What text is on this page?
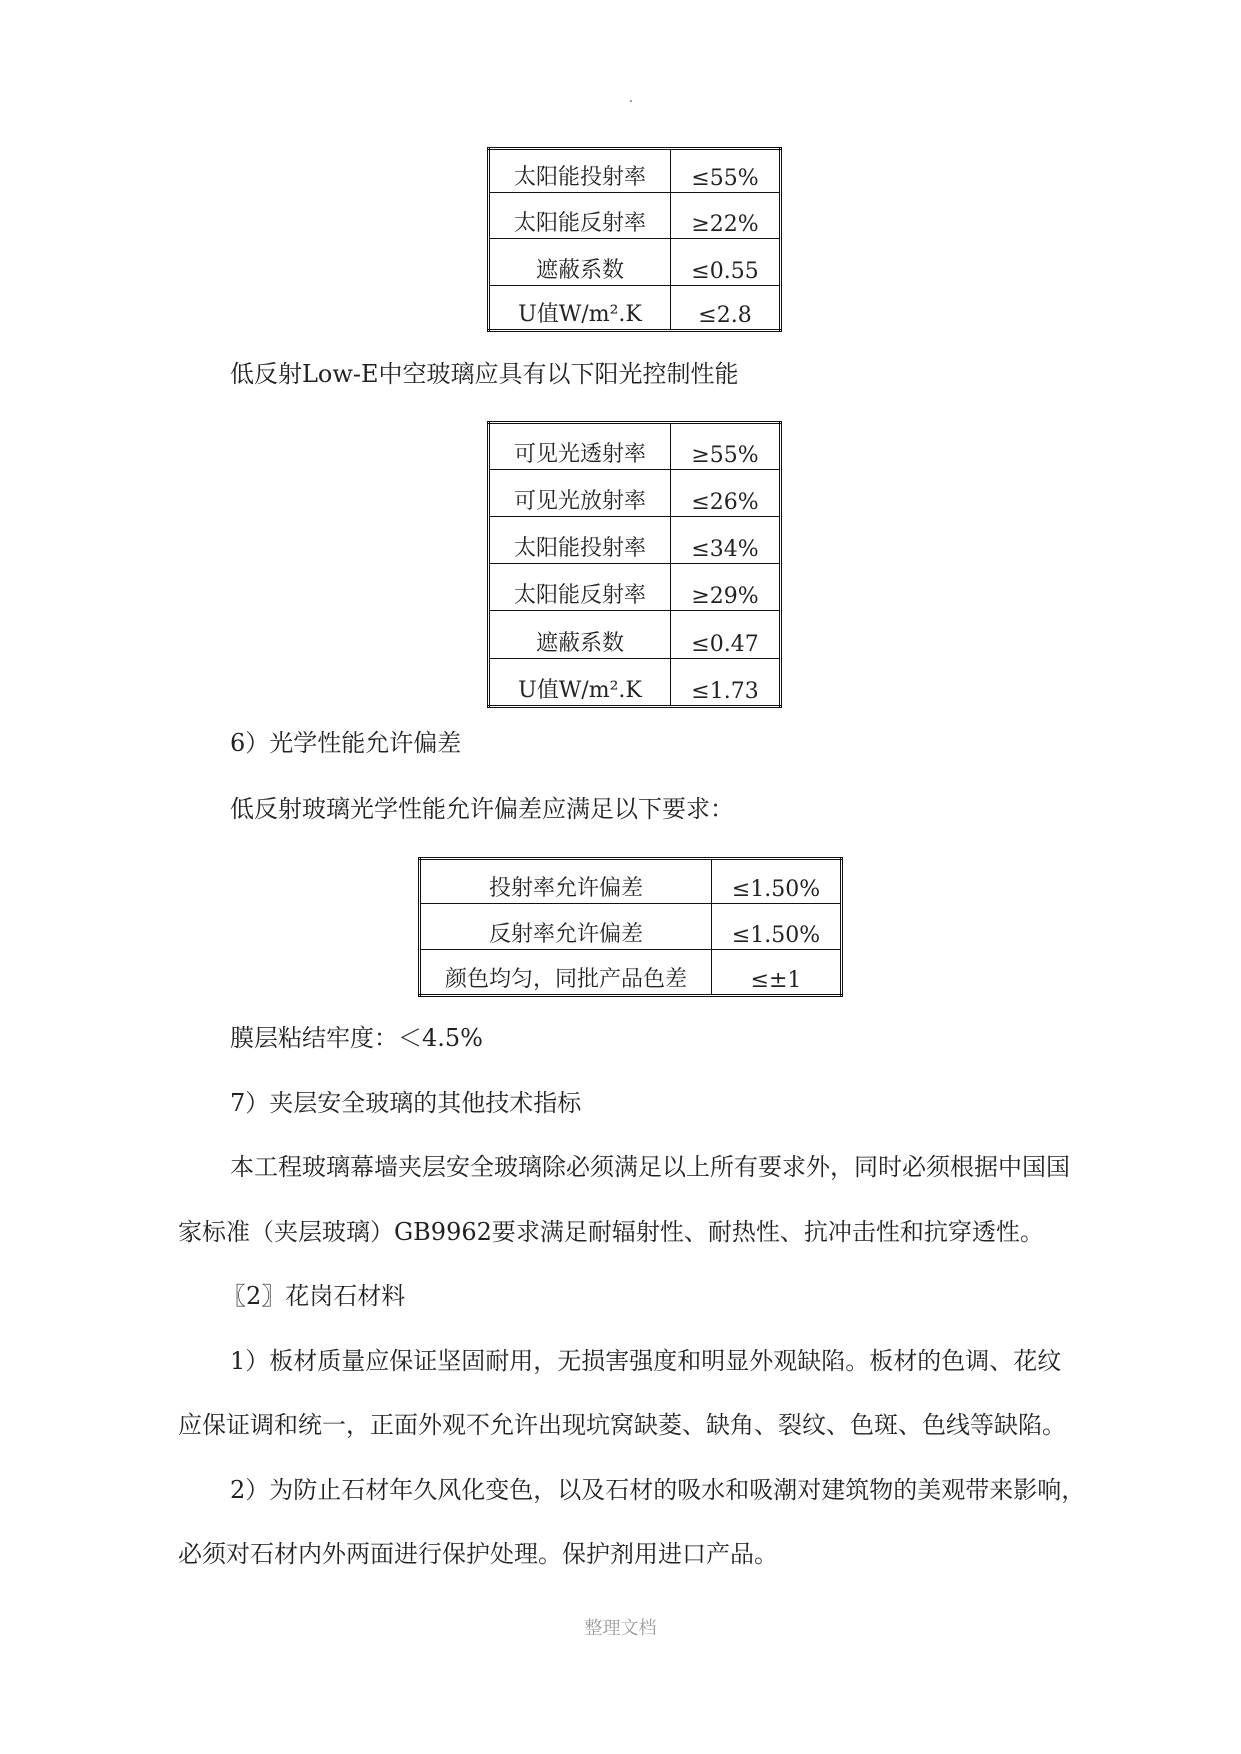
太阳能投射率	≤55%
太阳能反射率	≥22%
遮蔽系数	≤0.55
U值W/m².K	≤2.8
低反射Low-E中空玻璃应具有以下阳光控制性能
可见光透射率	≥55%
可见光放射率	≤26%
太阳能投射率	≤34%
太阳能反射率	≥29%
遮蔽系数	≤0.47
U值W/m².K	≤1.73
6）光学性能允许偏差
低反射玻璃光学性能允许偏差应满足以下要求：
投射率允许偏差	≤1.50%
反射率允许偏差	≤1.50%
颜色均匀，同批产品色差	≤±1
膜层粘结牢度：＜4.5%
7）夹层安全玻璃的其他技术指标
本工程玻璃幕墙夹层安全玻璃除必须满足以上所有要求外，同时必须根据中国国
家标准（夹层玻璃）GB9962要求满足耐辐射性、耐热性、抗冲击性和抗穿透性。
〖2〗花岗石材料
1）板材质量应保证坚固耐用，无损害强度和明显外观缺陷。板材的色调、花纹
应保证调和统一，正面外观不允许出现坑窝缺菱、缺角、裂纹、色斑、色线等缺陷。
2）为防止石材年久风化变色，以及石材的吸水和吸潮对建筑物的美观带来影响，
必须对石材内外两面进行保护处理。保护剂用进口产品。
整理文档
